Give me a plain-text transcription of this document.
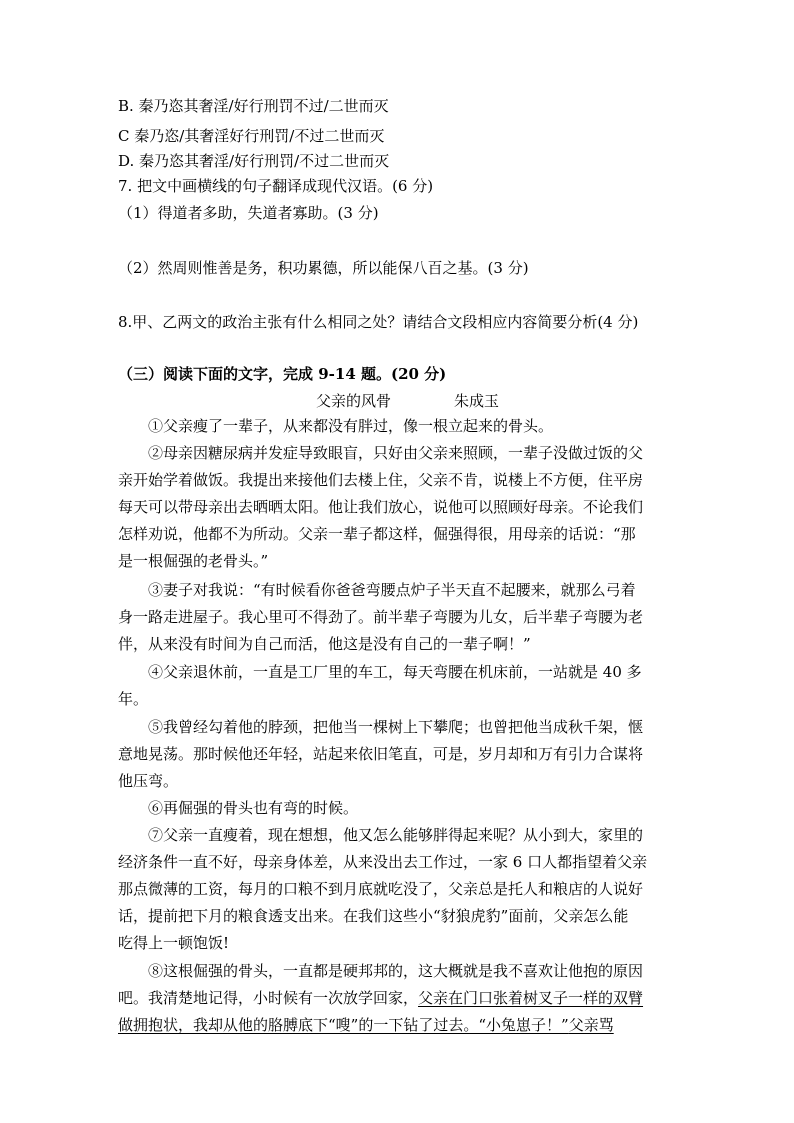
B. 秦乃恣其奢淫/好行刑罚不过/二世而灭
C 秦乃恣/其奢淫好行刑罚/不过二世而灭
D. 秦乃恣其奢淫/好行刑罚/不过二世而灭
7. 把文中画横线的句子翻译成现代汉语。(6 分)
（1）得道者多助，失道者寡助。(3 分)
（2）然周则惟善是务，积功累德，所以能保八百之基。(3 分)
8.甲、乙两文的政治主张有什么相同之处？请结合文段相应内容简要分析(4 分)
（三）阅读下面的文字，完成 9-14 题。(20 分)
父亲的风骨	朱成玉
①父亲瘦了一辈子，从来都没有胖过，像一根立起来的骨头。
②母亲因糖尿病并发症导致眼盲，只好由父亲来照顾，一辈子没做过饭的父
亲开始学着做饭。我提出来接他们去楼上住，父亲不肯，说楼上不方便，住平房
每天可以带母亲出去晒晒太阳。他让我们放心，说他可以照顾好母亲。不论我们
怎样劝说，他都不为所动。父亲一辈子都这样，倔强得很，用母亲的话说：“那
是一根倔强的老骨头。”
③妻子对我说：“有时候看你爸爸弯腰点炉子半天直不起腰来，就那么弓着
身一路走进屋子。我心里可不得劲了。前半辈子弯腰为儿女，后半辈子弯腰为老
伴，从来没有时间为自己而活，他这是没有自己的一辈子啊！”
④父亲退休前，一直是工厂里的车工，每天弯腰在机床前，一站就是 40 多
年。
⑤我曾经勾着他的脖颈，把他当一棵树上下攀爬；也曾把他当成秋千架，惬
意地晃荡。那时候他还年轻，站起来依旧笔直，可是，岁月却和万有引力合谋将
他压弯。
⑥再倔强的骨头也有弯的时候。
⑦父亲一直瘦着，现在想想，他又怎么能够胖得起来呢？从小到大，家里的
经济条件一直不好，母亲身体差，从来没出去工作过，一家 6 口人都指望着父亲
那点微薄的工资，每月的口粮不到月底就吃没了，父亲总是托人和粮店的人说好
话，提前把下月的粮食透支出来。在我们这些小“豺狼虎豹”面前，父亲怎么能
吃得上一顿饱饭!
⑧这根倔强的骨头，一直都是硬邦邦的，这大概就是我不喜欢让他抱的原因
吧。我清楚地记得，小时候有一次放学回家，父亲在门口张着树叉子一样的双臂
做拥抱状，我却从他的胳膊底下“嗖”的一下钻了过去。“小兔崽子！”父亲骂
